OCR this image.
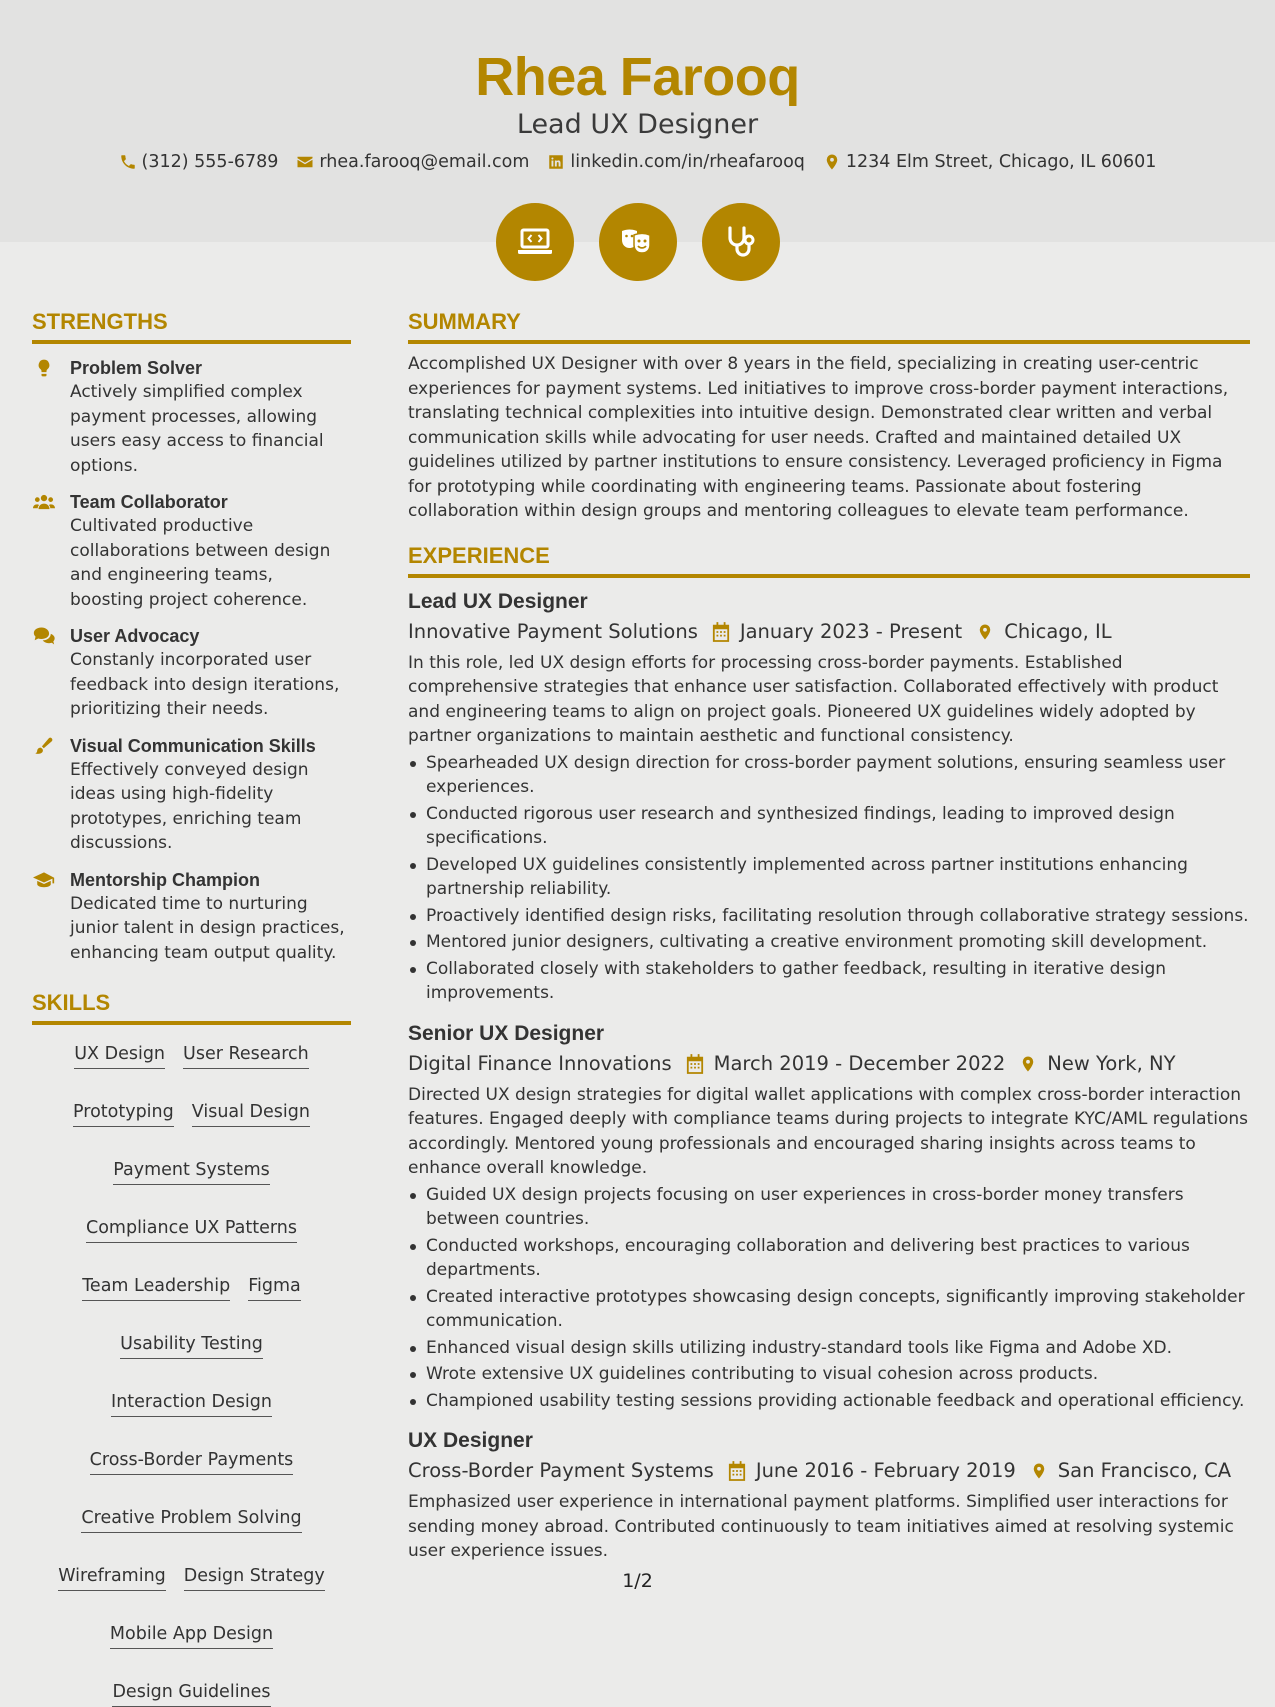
Rhea Farooq
Lead UX Designer
(312) 555-6789 rhea.farooq@email.com linkedin.com/in/rheafarooq 1234 Elm Street, Chicago, IL 60601
STRENGTHS
Problem Solver
Actively simplified complex payment processes, allowing users easy access to financial options.
Team Collaborator
Cultivated productive collaborations between design and engineering teams, boosting project coherence.
User Advocacy
Constanly incorporated user feedback into design iterations, prioritizing their needs.
Visual Communication Skills
Effectively conveyed design ideas using high-fidelity prototypes, enriching team discussions.
Mentorship Champion
Dedicated time to nurturing junior talent in design practices, enhancing team output quality.
SKILLS
UX Design User Research
Prototyping Visual Design
Payment Systems
Compliance UX Patterns
Team Leadership Figma
Usability Testing
Interaction Design
Cross-Border Payments
Creative Problem Solving
Wireframing Design Strategy
Mobile App Design
Design Guidelines
SUMMARY
Accomplished UX Designer with over 8 years in the field, specializing in creating user-centric experiences for payment systems. Led initiatives to improve cross-border payment interactions, translating technical complexities into intuitive design. Demonstrated clear written and verbal communication skills while advocating for user needs. Crafted and maintained detailed UX guidelines utilized by partner institutions to ensure consistency. Leveraged proficiency in Figma for prototyping while coordinating with engineering teams. Passionate about fostering collaboration within design groups and mentoring colleagues to elevate team performance.
EXPERIENCE
Lead UX Designer
Innovative Payment Solutions January 2023 - Present Chicago, IL
In this role, led UX design efforts for processing cross-border payments. Established comprehensive strategies that enhance user satisfaction. Collaborated effectively with product and engineering teams to align on project goals. Pioneered UX guidelines widely adopted by partner organizations to maintain aesthetic and functional consistency.
Spearheaded UX design direction for cross-border payment solutions, ensuring seamless user experiences.
Conducted rigorous user research and synthesized findings, leading to improved design specifications.
Developed UX guidelines consistently implemented across partner institutions enhancing partnership reliability.
Proactively identified design risks, facilitating resolution through collaborative strategy sessions.
Mentored junior designers, cultivating a creative environment promoting skill development.
Collaborated closely with stakeholders to gather feedback, resulting in iterative design improvements.
Senior UX Designer
Digital Finance Innovations March 2019 - December 2022 New York, NY
Directed UX design strategies for digital wallet applications with complex cross-border interaction features. Engaged deeply with compliance teams during projects to integrate KYC/AML regulations accordingly. Mentored young professionals and encouraged sharing insights across teams to enhance overall knowledge.
Guided UX design projects focusing on user experiences in cross-border money transfers between countries.
Conducted workshops, encouraging collaboration and delivering best practices to various departments.
Created interactive prototypes showcasing design concepts, significantly improving stakeholder communication.
Enhanced visual design skills utilizing industry-standard tools like Figma and Adobe XD.
Wrote extensive UX guidelines contributing to visual cohesion across products.
Championed usability testing sessions providing actionable feedback and operational efficiency.
UX Designer
Cross-Border Payment Systems June 2016 - February 2019 San Francisco, CA
Emphasized user experience in international payment platforms. Simplified user interactions for sending money abroad. Contributed continuously to team initiatives aimed at resolving systemic user experience issues.
1/2
